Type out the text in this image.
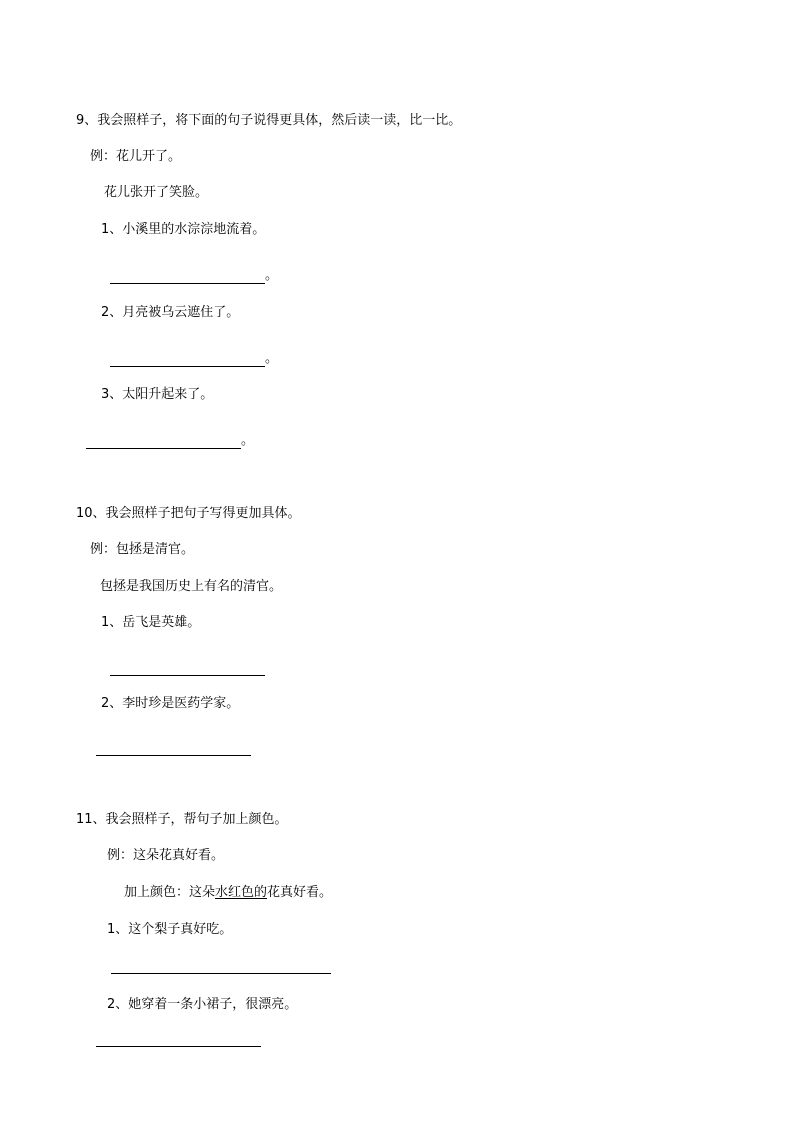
9、我会照样子，将下面的句子说得更具体，然后读一读，比一比。
例：花儿开了。
花儿张开了笑脸。
1、小溪里的水淙淙地流着。
。
2、月亮被乌云遮住了。
。
3、太阳升起来了。
。
10、我会照样子把句子写得更加具体。
例：包拯是清官。
包拯是我国历史上有名的清官。
1、岳飞是英雄。
2、李时珍是医药学家。
11、我会照样子，帮句子加上颜色。
例：这朵花真好看。
加上颜色：这朵水红色的花真好看。
1、这个梨子真好吃。
2、她穿着一条小裙子，很漂亮。
